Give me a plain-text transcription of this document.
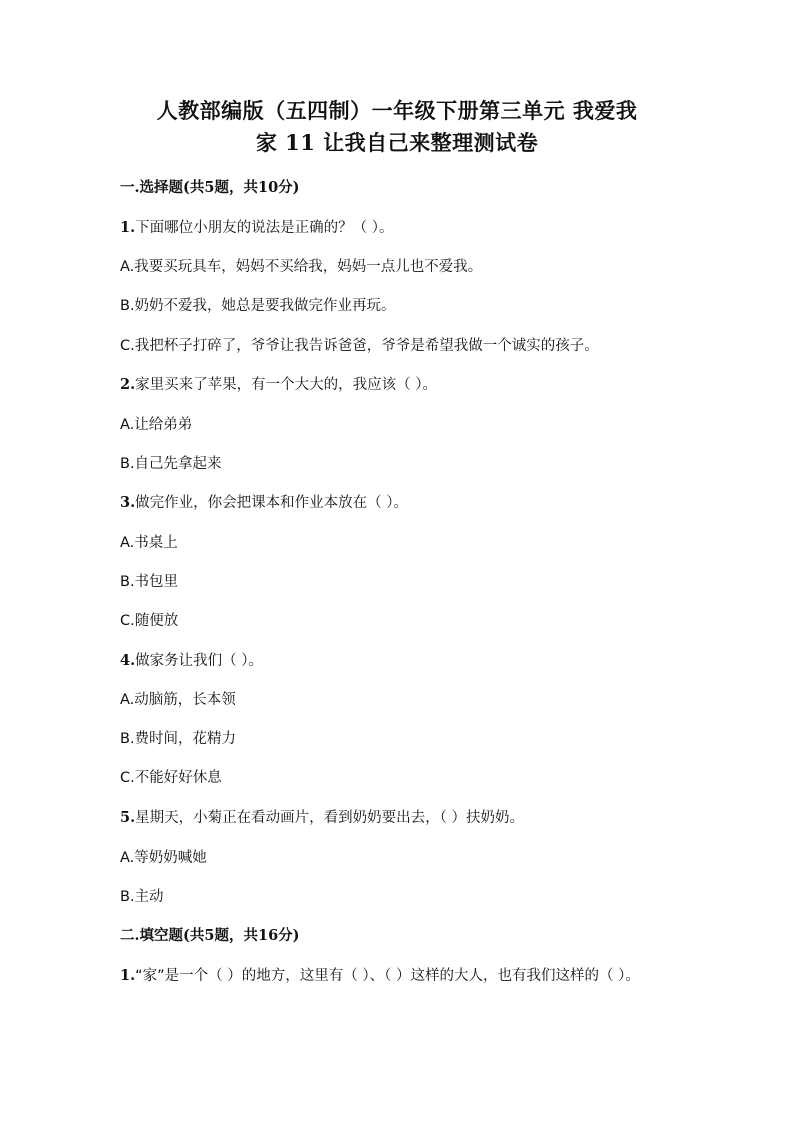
人教部编版（五四制）一年级下册第三单元 我爱我
家 11 让我自己来整理测试卷
一.选择题(共5题，共10分)
1.下面哪位小朋友的说法是正确的？（ ）。
A.我要买玩具车，妈妈不买给我，妈妈一点儿也不爱我。
B.奶奶不爱我，她总是要我做完作业再玩。
C.我把杯子打碎了，爷爷让我告诉爸爸，爷爷是希望我做一个诚实的孩子。
2.家里买来了苹果，有一个大大的，我应该（ ）。
A.让给弟弟
B.自己先拿起来
3.做完作业，你会把课本和作业本放在（ ）。
A.书桌上
B.书包里
C.随便放
4.做家务让我们（ ）。
A.动脑筋，长本领
B.费时间，花精力
C.不能好好休息
5.星期天，小菊正在看动画片，看到奶奶要出去，（ ）扶奶奶。
A.等奶奶喊她
B.主动
二.填空题(共5题，共16分)
1.“家”是一个（ ）的地方，这里有（ ）、（ ）这样的大人，也有我们这样的（ ）。
